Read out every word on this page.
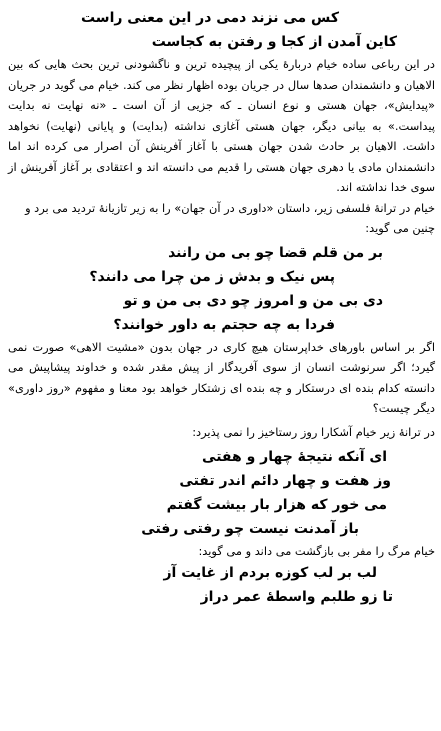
کس می نزند دمی در این معنی راست
کاین آمدن از کجا و رفتن به کجاست

در این رباعی ساده خیام دربارهٔ یکی از پیچیده ترین و ناگشودنی ترین بحث هایی که بین الاهیان و دانشمندان صدها سال در جریان بوده اظهار نظر می کند. خیام می گوید در جریان «پیدایش»، جهان هستی و نوع انسان ـ که جزیی از آن است ـ «نه نهایت نه بدایت پیداست.» به بیانی دیگر، جهان هستی آغازی نداشته (بدایت) و پایانی (نهایت) نخواهد داشت. الاهیان بر حادث شدن جهان هستی با آغاز آفرینش آن اصرار می کرده اند اما دانشمندان مادی یا دهری جهان هستی را قدیم می دانسته اند و اعتقادی بر آغاز آفرینش از سوی خدا نداشته اند.

خیام در ترانهٔ فلسفی زیر، داستان «داوری در آن جهان» را به زیر تازیانهٔ تردید می برد و چنین می گوید:

بر من قلم قضا چو بی من رانند
پس نیک و بدش ز من چرا می دانند؟
دی بی من و امروز چو دی بی من و تو
فردا به چه حجتم به داور خوانند؟

اگر بر اساس باورهای خداپرستان هیچ کاری در جهان بدون «مشیت الاهی» صورت نمی گیرد؛ اگر سرنوشت انسان از سوی آفریدگار از پیش مقدر شده و خداوند پیشاپیش می دانسته کدام بنده ای درستکار و چه بنده ای زشتکار خواهد بود معنا و مفهوم «روز داوری» دیگر چیست؟

در ترانهٔ زیر خیام آشکارا روز رستاخیز را نمی پذیرد:

ای آنکه نتیجهٔ چهار و هفتی
وز هفت و چهار دائم اندر تفتی
می خور که هزار بار بیشت گفتم
باز آمدنت نیست چو رفتی رفتی

خیام مرگ را مفر بی بازگشت می داند و می گوید:

لب بر لب کوزه بردم از غایت آز
تا زو طلبم واسطهٔ عمر دراز
